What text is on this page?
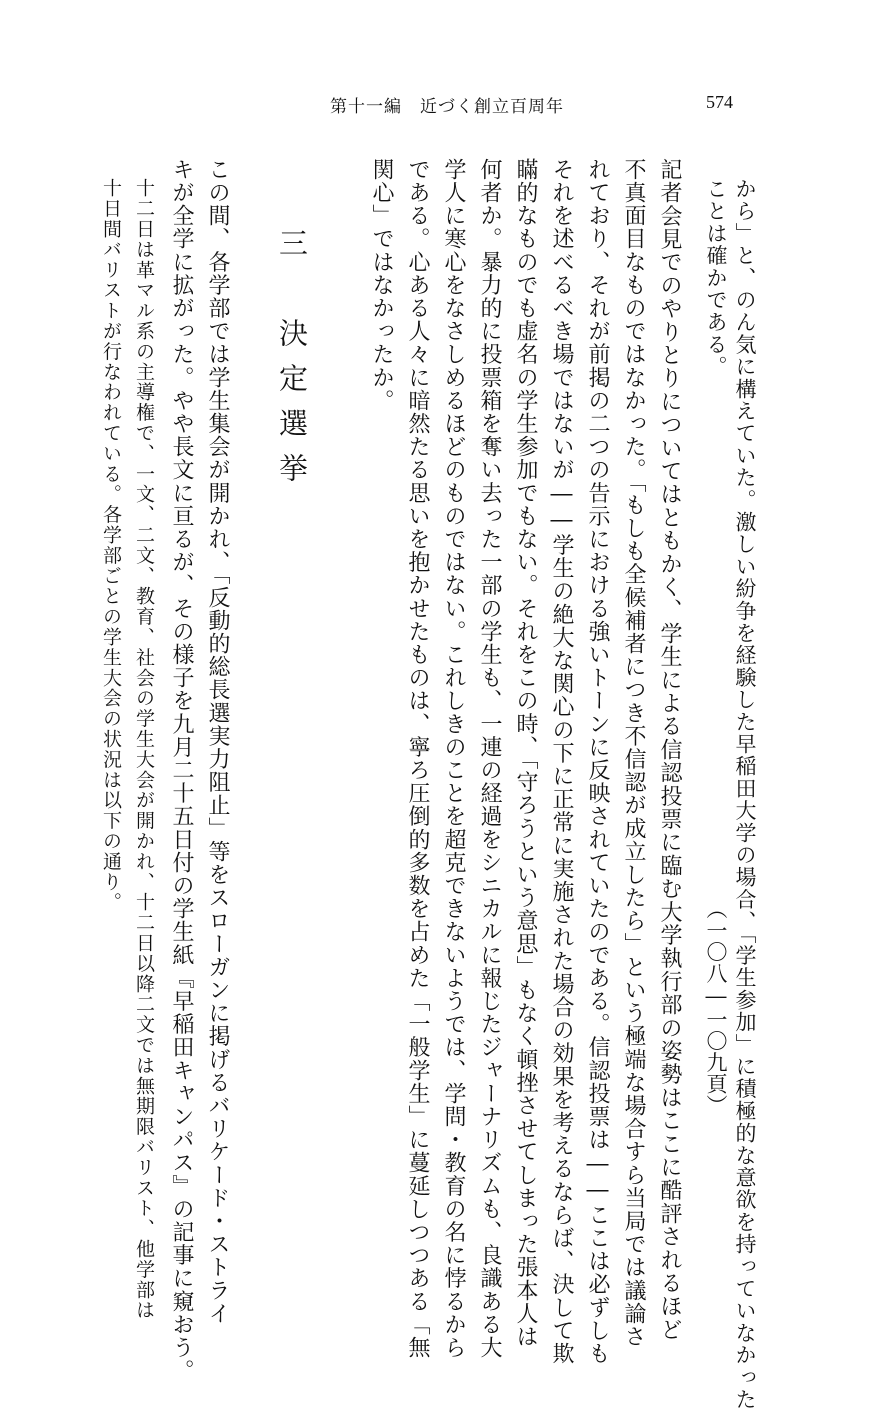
第十一編　近づく創立百周年	574
から」と、のん気に構えていた。激しい紛争を経験した早稲田大学の場合、「学生参加」に積極的な意欲を持っていなかった
ことは確かである。
（一〇八―一〇九頁）
記者会見でのやりとりについてはともかく、学生による信認投票に臨む大学執行部の姿勢はここに酷評されるほど
不真面目なものではなかった。「もしも全候補者につき不信認が成立したら」という極端な場合すら当局では議論さ
れており、それが前掲の二つの告示における強いトーンに反映されていたのである。信認投票は――ここは必ずしも
それを述べるべき場ではないが――学生の絶大な関心の下に正常に実施された場合の効果を考えるならば、決して欺
瞞的なものでも虚名の学生参加でもない。それをこの時、「守ろうという意思」もなく頓挫させてしまった張本人は
何者か。暴力的に投票箱を奪い去った一部の学生も、一連の経過をシニカルに報じたジャーナリズムも、良識ある大
学人に寒心をなさしめるほどのものではない。これしきのことを超克できないようでは、学問・教育の名に悖るから
である。心ある人々に暗然たる思いを抱かせたものは、寧ろ圧倒的多数を占めた「一般学生」に蔓延しつつある「無
関心」ではなかったか。
三　決定選挙
この間、各学部では学生集会が開かれ、「反動的総長選実力阻止」等をスローガンに掲げるバリケード・ストライ
キが全学に拡がった。やや長文に亘るが、その様子を九月二十五日付の学生紙『早稲田キャンパス』の記事に窺おう。
十二日は革マル系の主導権で、一文、二文、教育、社会の学生大会が開かれ、十二日以降二文では無期限バリスト、他学部は
十日間バリストが行なわれている。各学部ごとの学生大会の状況は以下の通り。
